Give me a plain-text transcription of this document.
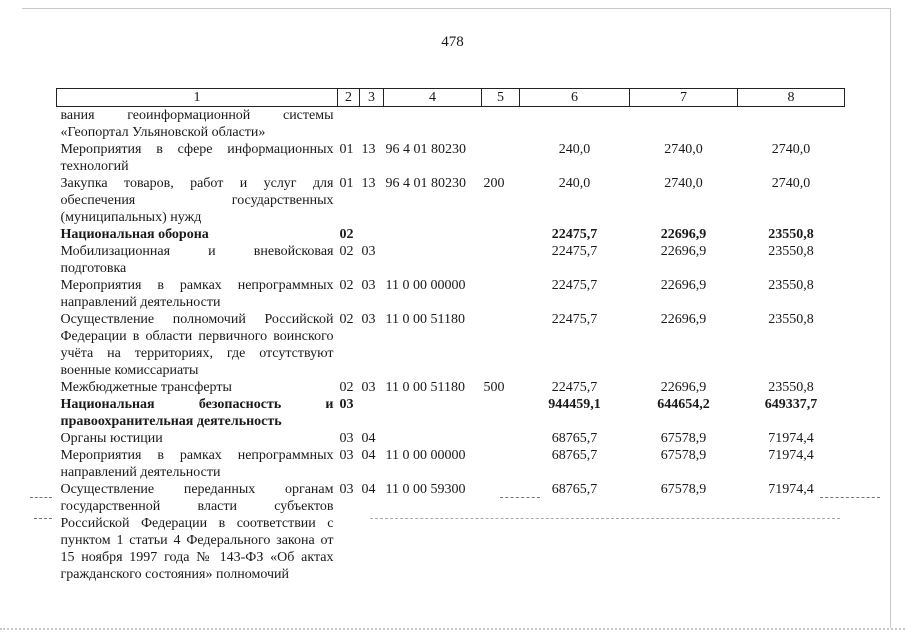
478
1	2	3	4	5	6	7	8
вания геоинформационной системы «Геопортал Ульяновской области»							
Мероприятия в сфере информационных технологий	01	13	96 4 01 80230		240,0	2740,0	2740,0
Закупка товаров, работ и услуг для обеспечения государственных (муниципальных) нужд	01	13	96 4 01 80230	200	240,0	2740,0	2740,0
Национальная оборона	02				22475,7	22696,9	23550,8
Мобилизационная и вневойсковая подготовка	02	03			22475,7	22696,9	23550,8
Мероприятия в рамках непрограммных направлений деятельности	02	03	11 0 00 00000		22475,7	22696,9	23550,8
Осуществление полномочий Российской Федерации в области первичного воинского учёта на территориях, где отсутствуют военные комиссариаты	02	03	11 0 00 51180		22475,7	22696,9	23550,8
Межбюджетные трансферты	02	03	11 0 00 51180	500	22475,7	22696,9	23550,8
Национальная безопасность и правоохранительная деятельность	03				944459,1	644654,2	649337,7
Органы юстиции	03	04			68765,7	67578,9	71974,4
Мероприятия в рамках непрограммных направлений деятельности	03	04	11 0 00 00000		68765,7	67578,9	71974,4
Осуществление переданных органам государственной власти субъектов Российской Федерации в соответствии с пунктом 1 статьи 4 Федерального закона от 15 ноября 1997 года № 143-ФЗ «Об актах гражданского состояния» полномочий	03	04	11 0 00 59300		68765,7	67578,9	71974,4
